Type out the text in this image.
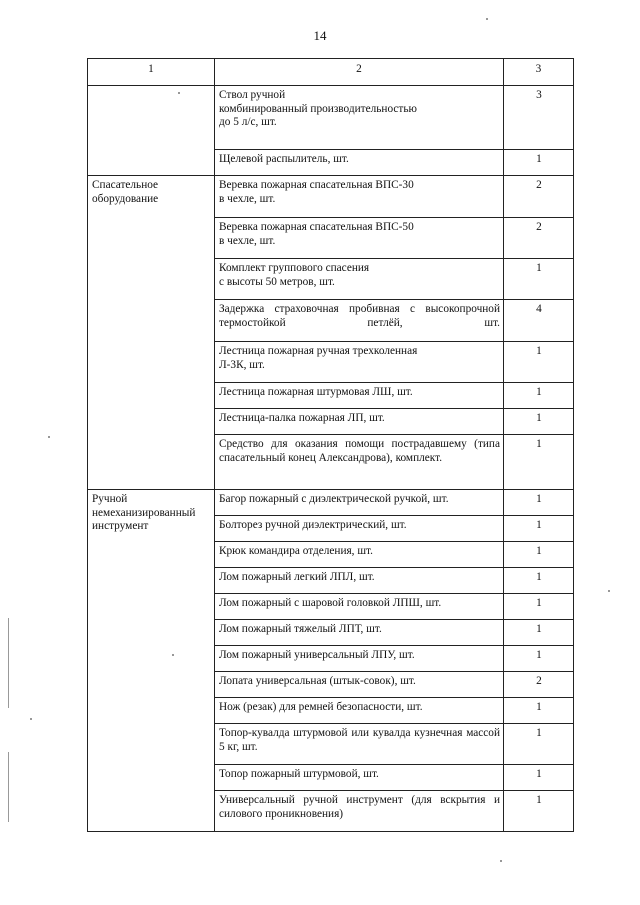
14
1	2	3
	Ствол ручной
комбинированный производительностью
до 5 л/с, шт.	3
	Щелевой распылитель, шт.	1
Спасательное оборудование	Веревка пожарная спасательная ВПС-30
в чехле, шт.	2
	Веревка пожарная спасательная ВПС-50
в чехле, шт.	2
	Комплект группового спасения
с высоты 50 метров, шт.	1
	Задержка страховочная пробивная с высокопрочной термостойкой петлёй, шт.	4
	Лестница пожарная ручная трехколенная
Л-3К, шт.	1
	Лестница пожарная штурмовая ЛШ, шт.	1
	Лестница-палка пожарная ЛП, шт.	1
	Средство для оказания помощи пострадавшему (типа спасательный конец Александрова), комплект.	1
Ручной немеханизированный инструмент	Багор пожарный с диэлектрической ручкой, шт.	1
	Болторез ручной диэлектрический, шт.	1
	Крюк командира отделения, шт.	1
	Лом пожарный легкий ЛПЛ, шт.	1
	Лом пожарный с шаровой головкой ЛПШ, шт.	1
	Лом пожарный тяжелый ЛПТ, шт.	1
	Лом пожарный универсальный ЛПУ, шт.	1
	Лопата универсальная (штык-совок), шт.	2
	Нож (резак) для ремней безопасности, шт.	1
	Топор-кувалда штурмовой или кувалда кузнечная массой 5 кг, шт.	1
	Топор пожарный штурмовой, шт.	1
	Универсальный ручной инструмент (для вскрытия и силового проникновения)	1
